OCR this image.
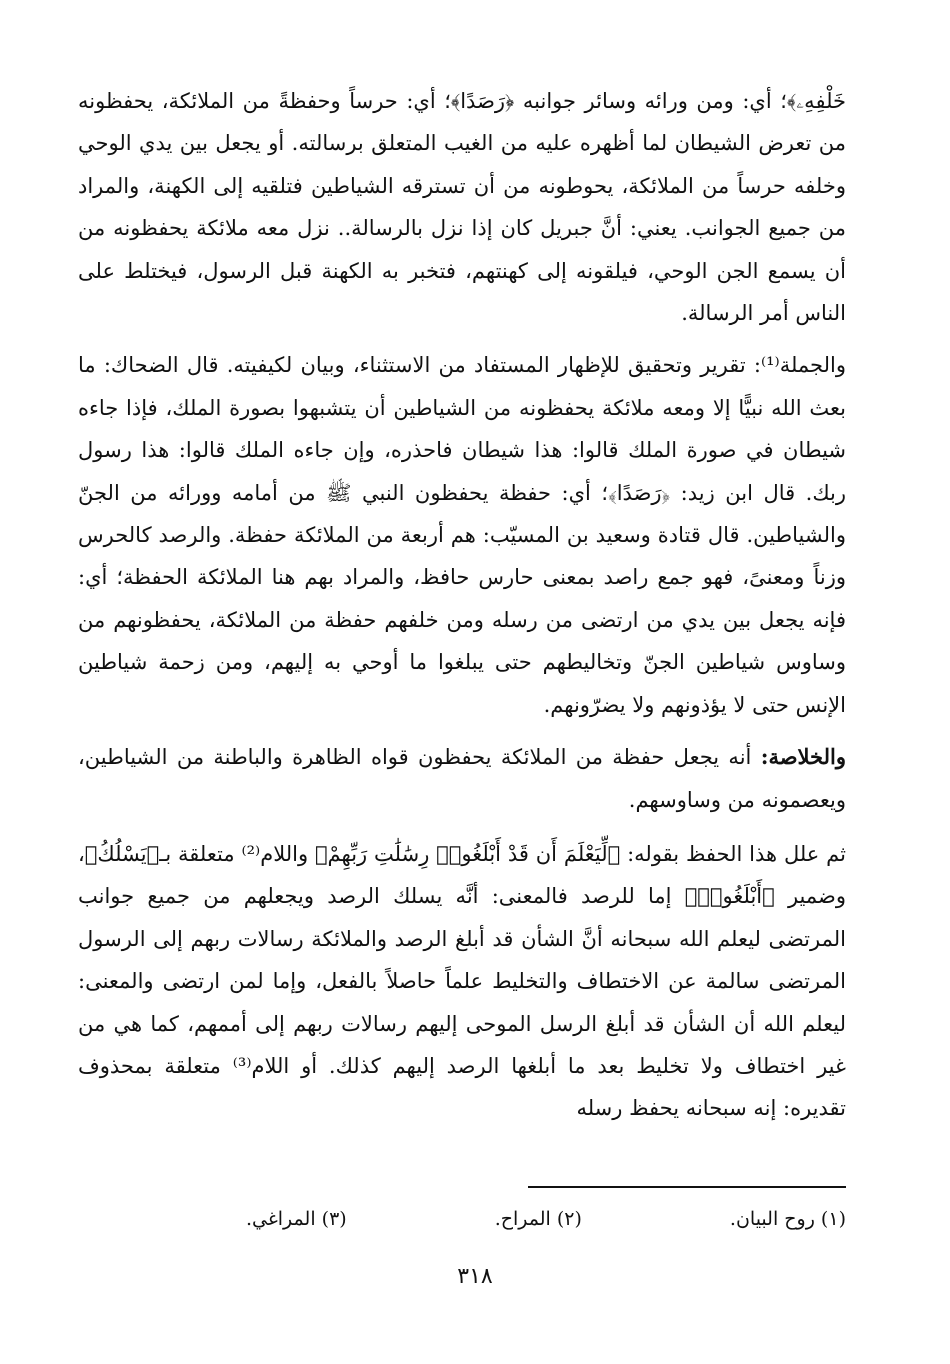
خَلْفِهِۦ﴾؛ أي: ومن ورائه وسائر جوانبه ﴿رَصَدًا﴾؛ أي: حرساً وحفظةً من الملائكة، يحفظونه من تعرض الشيطان لما أظهره عليه من الغيب المتعلق برسالته. أو يجعل بين يدي الوحي وخلفه حرساً من الملائكة، يحوطونه من أن تسترقه الشياطين فتلقيه إلى الكهنة، والمراد من جميع الجوانب. يعني: أنَّ جبريل كان إذا نزل بالرسالة.. نزل معه ملائكة يحفظونه من أن يسمع الجن الوحي، فيلقونه إلى كهنتهم، فتخبر به الكهنة قبل الرسول، فيختلط على الناس أمر الرسالة.

والجملة⁽¹⁾: تقرير وتحقيق للإظهار المستفاد من الاستثناء، وبيان لكيفيته. قال الضحاك: ما بعث الله نبيًّا إلا ومعه ملائكة يحفظونه من الشياطين أن يتشبهوا بصورة الملك، فإذا جاءه شيطان في صورة الملك قالوا: هذا شيطان فاحذره، وإن جاءه الملك قالوا: هذا رسول ربك. قال ابن زيد: ﴿رَصَدًا﴾؛ أي: حفظة يحفظون النبي ﷺ من أمامه وورائه من الجنّ والشياطين. قال قتادة وسعيد بن المسيّب: هم أربعة من الملائكة حفظة. والرصد كالحرس وزناً ومعنىً، فهو جمع راصد بمعنى حارس حافظ، والمراد بهم هنا الملائكة الحفظة؛ أي: فإنه يجعل بين يدي من ارتضى من رسله ومن خلفهم حفظة من الملائكة، يحفظونهم من وساوس شياطين الجنّ وتخاليطهم حتى يبلغوا ما أوحي به إليهم، ومن زحمة شياطين الإنس حتى لا يؤذونهم ولا يضرّونهم.

والخلاصة: أنه يجعل حفظة من الملائكة يحفظون قواه الظاهرة والباطنة من الشياطين، ويعصمونه من وساوسهم.

ثم علل هذا الحفظ بقوله: ﴿لِّيَعْلَمَ أَن قَدْ أَبْلَغُوا۟ رِسَٰلَٰتِ رَبِّهِمْ﴾ واللام⁽²⁾ متعلقة بـ﴿يَسْلُكُ﴾، وضمير ﴿أَبْلَغُوا۟﴾ إما للرصد فالمعنى: أنَّه يسلك الرصد ويجعلهم من جميع جوانب المرتضى ليعلم الله سبحانه أنَّ الشأن قد أبلغ الرصد والملائكة رسالات ربهم إلى الرسول المرتضى سالمة عن الاختطاف والتخليط علماً حاصلاً بالفعل، وإما لمن ارتضى والمعنى: ليعلم الله أن الشأن قد أبلغ الرسل الموحى إليهم رسالات ربهم إلى أممهم، كما هي من غير اختطاف ولا تخليط بعد ما أبلغها الرصد إليهم كذلك. أو اللام⁽³⁾ متعلقة بمحذوف تقديره: إنه سبحانه يحفظ رسله

(١) روح البيان.
(٢) المراح.
(٣) المراغي.
٣١٨
